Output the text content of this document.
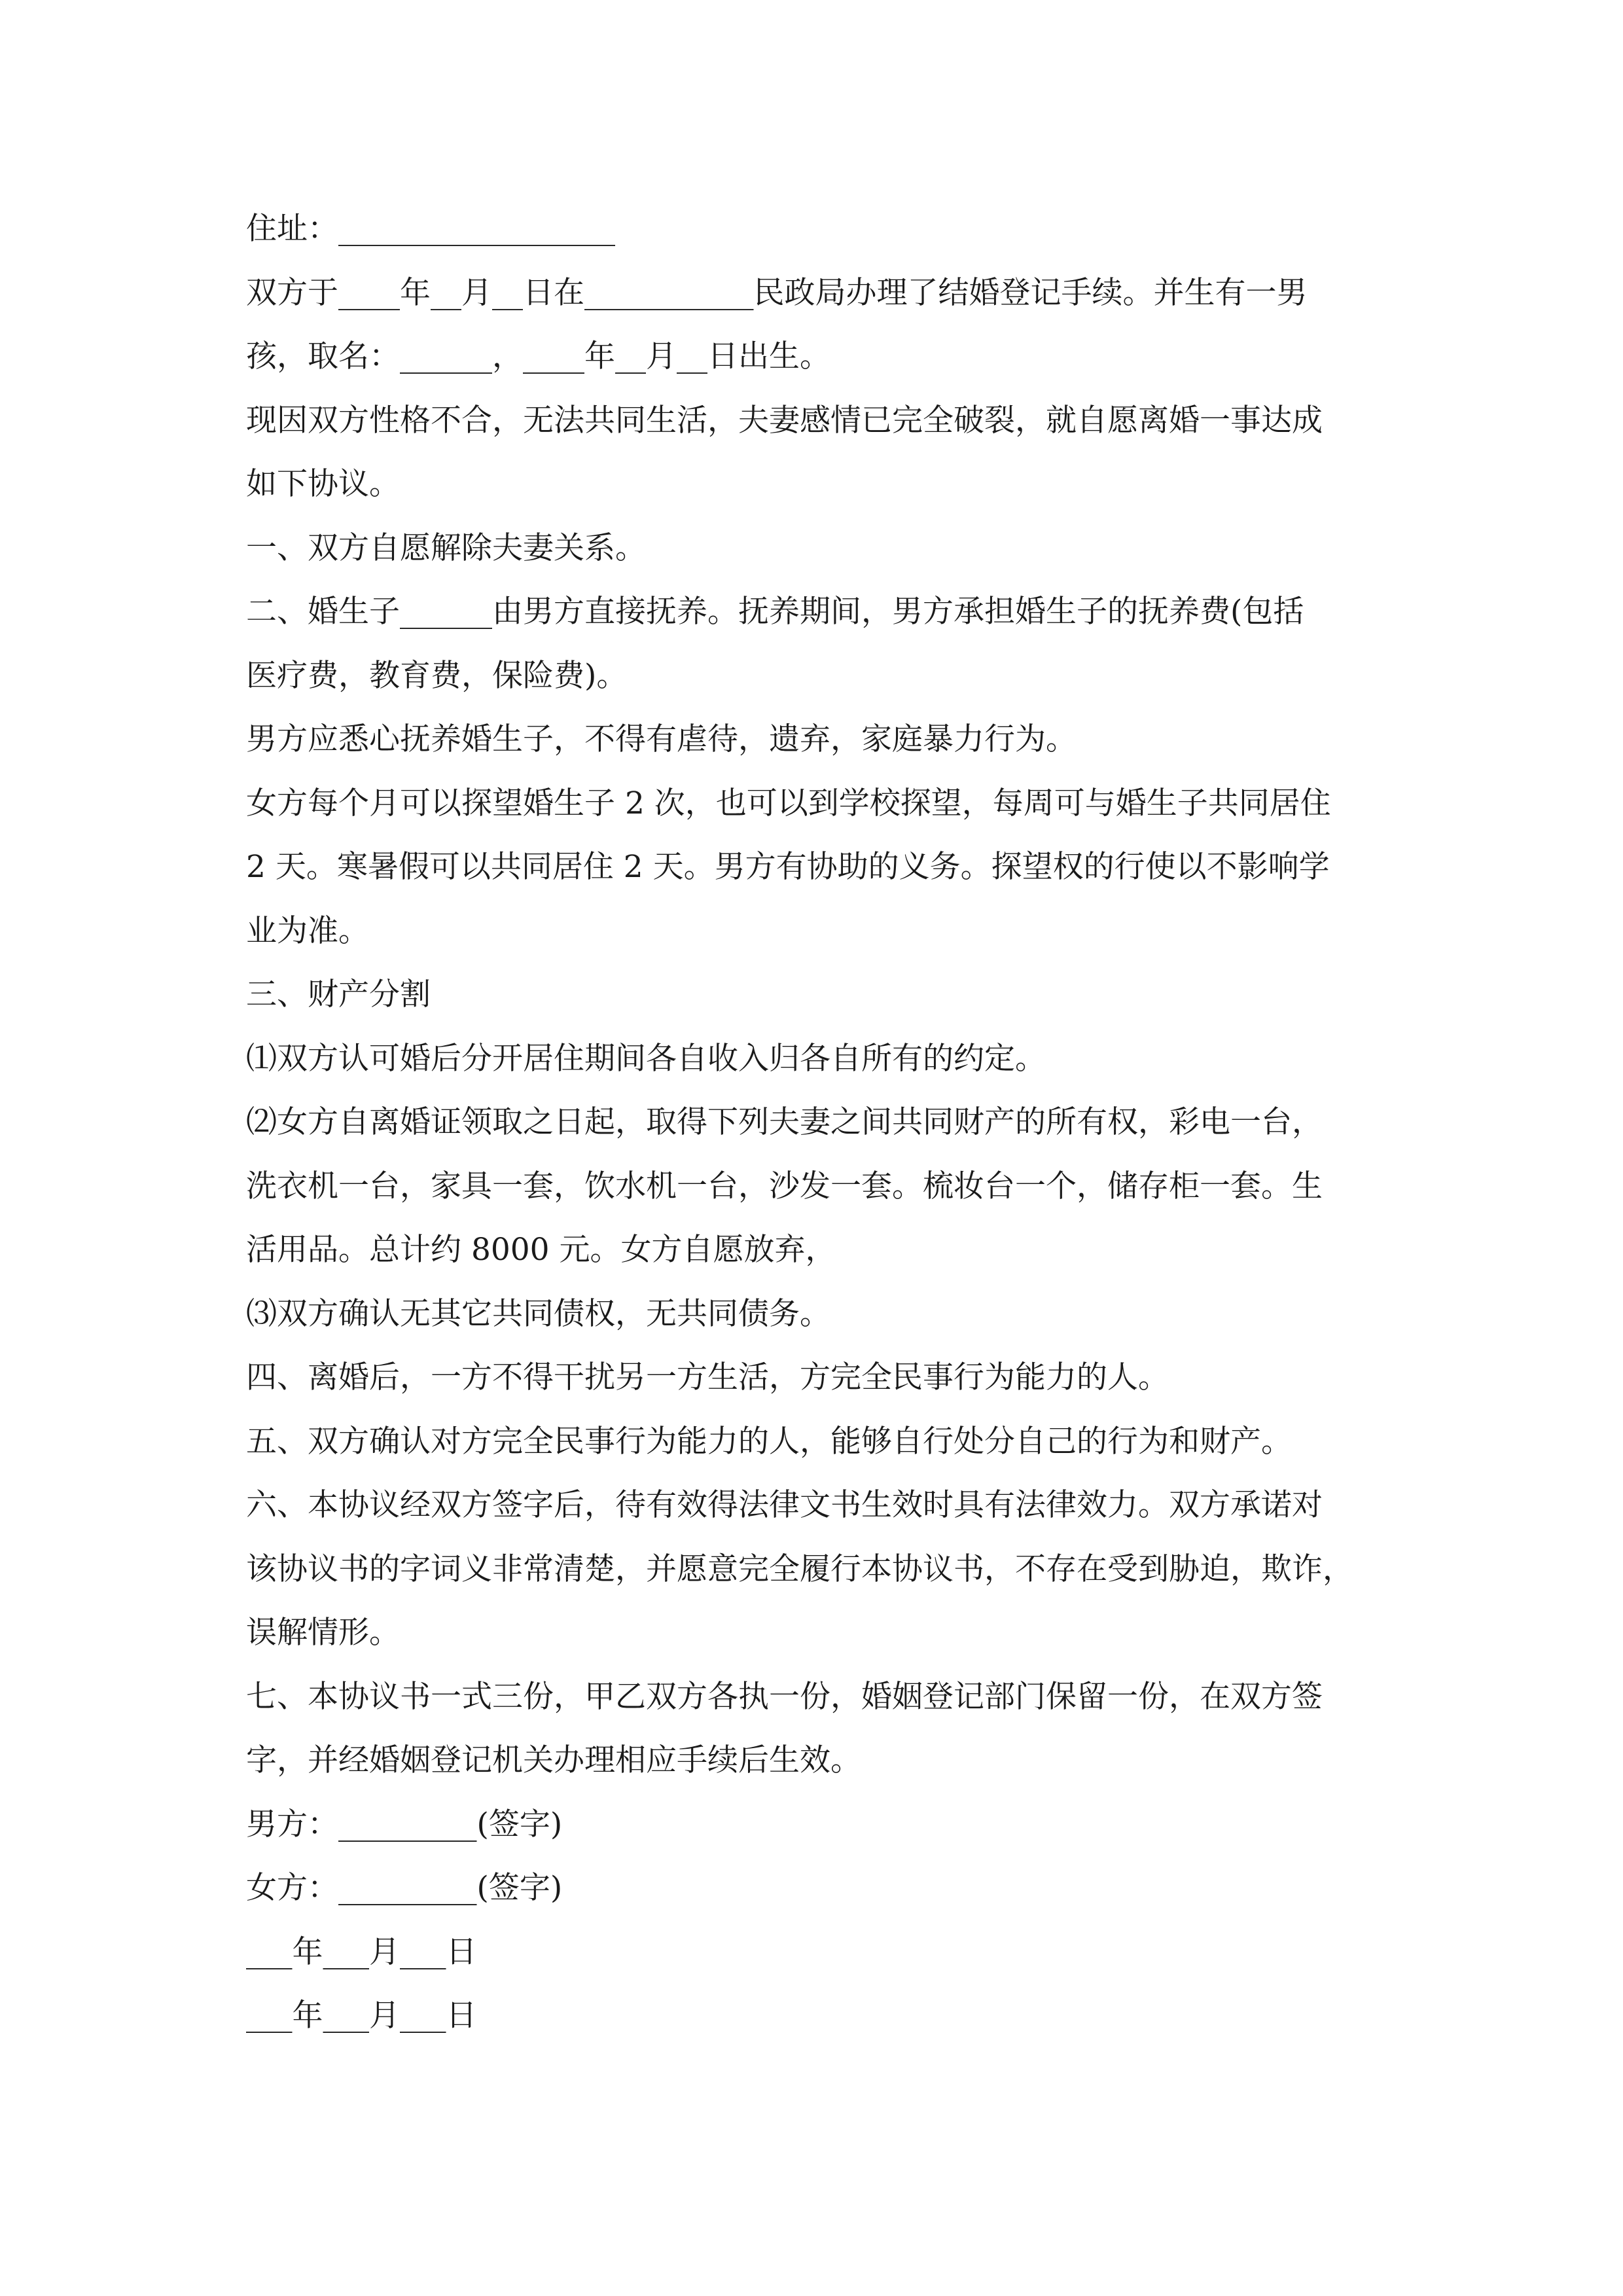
住址：__________________
双方于____年__月__日在___________民政局办理了结婚登记手续。并生有一男
孩，取名：______，____年__月__日出生。
现因双方性格不合，无法共同生活，夫妻感情已完全破裂，就自愿离婚一事达成
如下协议。
一、双方自愿解除夫妻关系。
二、婚生子______由男方直接抚养。抚养期间，男方承担婚生子的抚养费(包括
医疗费，教育费，保险费)。
男方应悉心抚养婚生子，不得有虐待，遗弃，家庭暴力行为。
女方每个月可以探望婚生子 2 次，也可以到学校探望，每周可与婚生子共同居住
2 天。寒暑假可以共同居住 2 天。男方有协助的义务。探望权的行使以不影响学
业为准。
三、财产分割
⑴双方认可婚后分开居住期间各自收入归各自所有的约定。
⑵女方自离婚证领取之日起，取得下列夫妻之间共同财产的所有权，彩电一台，
洗衣机一台，家具一套，饮水机一台，沙发一套。梳妆台一个，储存柜一套。生
活用品。总计约 8000 元。女方自愿放弃，
⑶双方确认无其它共同债权，无共同债务。
四、离婚后，一方不得干扰另一方生活，方完全民事行为能力的人。
五、双方确认对方完全民事行为能力的人，能够自行处分自己的行为和财产。
六、本协议经双方签字后，待有效得法律文书生效时具有法律效力。双方承诺对
该协议书的字词义非常清楚，并愿意完全履行本协议书，不存在受到胁迫，欺诈，
误解情形。
七、本协议书一式三份，甲乙双方各执一份，婚姻登记部门保留一份，在双方签
字，并经婚姻登记机关办理相应手续后生效。
男方：_________(签字)
女方：_________(签字)
___年___月___日
___年___月___日
